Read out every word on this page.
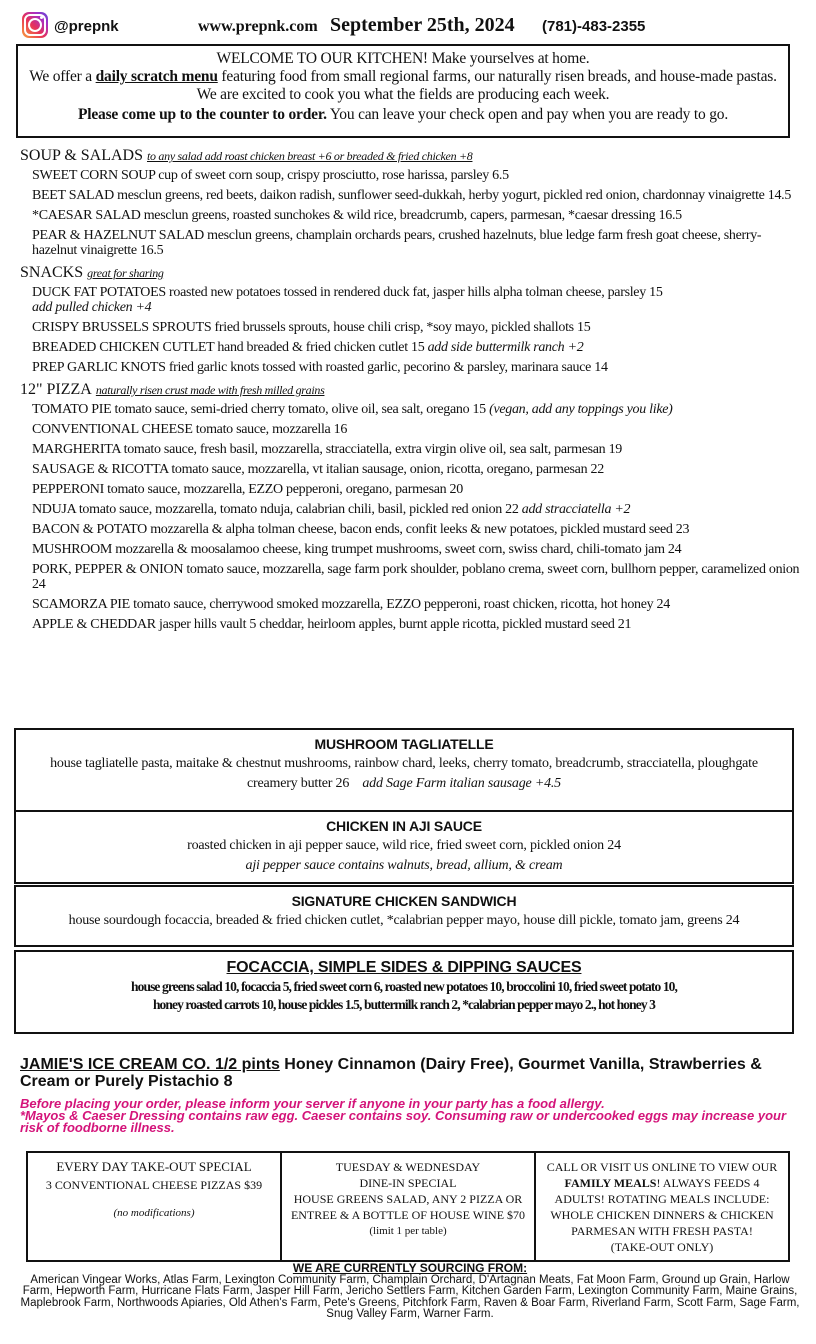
@prepnk	www.prepnk.com September 25th, 2024 (781)-483-2355
WELCOME TO OUR KITCHEN! Make yourselves at home.
We offer a daily scratch menu featuring food from small regional farms, our naturally risen breads, and house-made pastas. We are excited to cook you what the fields are producing each week.
Please come up to the counter to order. You can leave your check open and pay when you are ready to go.
SOUP & SALADS to any salad add roast chicken breast +6 or breaded & fried chicken +8
SWEET CORN SOUP cup of sweet corn soup, crispy prosciutto, rose harissa, parsley 6.5
BEET SALAD mesclun greens, red beets, daikon radish, sunflower seed-dukkah, herby yogurt, pickled red onion, chardonnay vinaigrette 14.5
*CAESAR SALAD mesclun greens, roasted sunchokes & wild rice, breadcrumb, capers, parmesan, *caesar dressing 16.5
PEAR & HAZELNUT SALAD mesclun greens, champlain orchards pears, crushed hazelnuts, blue ledge farm fresh goat cheese, sherry-hazelnut vinaigrette 16.5
SNACKS great for sharing
DUCK FAT POTATOES roasted new potatoes tossed in rendered duck fat, jasper hills alpha tolman cheese, parsley 15
add pulled chicken +4
CRISPY BRUSSELS SPROUTS fried brussels sprouts, house chili crisp, *soy mayo, pickled shallots 15
BREADED CHICKEN CUTLET hand breaded & fried chicken cutlet 15 add side buttermilk ranch +2
PREP GARLIC KNOTS fried garlic knots tossed with roasted garlic, pecorino & parsley, marinara sauce 14
12" PIZZA naturally risen crust made with fresh milled grains
TOMATO PIE tomato sauce, semi-dried cherry tomato, olive oil, sea salt, oregano 15 (vegan, add any toppings you like)
CONVENTIONAL CHEESE tomato sauce, mozzarella 16
MARGHERITA tomato sauce, fresh basil, mozzarella, stracciatella, extra virgin olive oil, sea salt, parmesan 19
SAUSAGE & RICOTTA tomato sauce, mozzarella, vt italian sausage, onion, ricotta, oregano, parmesan 22
PEPPERONI tomato sauce, mozzarella, EZZO pepperoni, oregano, parmesan 20
NDUJA tomato sauce, mozzarella, tomato nduja, calabrian chili, basil, pickled red onion 22 add stracciatella +2
BACON & POTATO mozzarella & alpha tolman cheese, bacon ends, confit leeks & new potatoes, pickled mustard seed 23
MUSHROOM mozzarella & moosalamoo cheese, king trumpet mushrooms, sweet corn, swiss chard, chili-tomato jam 24
PORK, PEPPER & ONION tomato sauce, mozzarella, sage farm pork shoulder, poblano crema, sweet corn, bullhorn pepper, caramelized onion 24
SCAMORZA PIE tomato sauce, cherrywood smoked mozzarella, EZZO pepperoni, roast chicken, ricotta, hot honey 24
APPLE & CHEDDAR jasper hills vault 5 cheddar, heirloom apples, burnt apple ricotta, pickled mustard seed 21
MUSHROOM TAGLIATELLE
house tagliatelle pasta, maitake & chestnut mushrooms, rainbow chard, leeks, cherry tomato, breadcrumb, stracciatella, ploughgate creamery butter 26 add Sage Farm italian sausage +4.5
CHICKEN IN AJI SAUCE
roasted chicken in aji pepper sauce, wild rice, fried sweet corn, pickled onion 24
aji pepper sauce contains walnuts, bread, allium, & cream
SIGNATURE CHICKEN SANDWICH
house sourdough focaccia, breaded & fried chicken cutlet, *calabrian pepper mayo, house dill pickle, tomato jam, greens 24
FOCACCIA, SIMPLE SIDES & DIPPING SAUCES
house greens salad 10, focaccia 5, fried sweet corn 6, roasted new potatoes 10, broccolini 10, fried sweet potato 10,
honey roasted carrots 10, house pickles 1.5, buttermilk ranch 2, *calabrian pepper mayo 2., hot honey 3
JAMIE'S ICE CREAM CO. 1/2 pints Honey Cinnamon (Dairy Free), Gourmet Vanilla, Strawberries & Cream or Purely Pistachio 8
Before placing your order, please inform your server if anyone in your party has a food allergy.
*Mayos & Caeser Dressing contains raw egg. Caeser contains soy. Consuming raw or undercooked eggs may increase your risk of foodborne illness.
EVERY DAY TAKE-OUT SPECIAL
3 CONVENTIONAL CHEESE PIZZAS $39
(no modifications)
TUESDAY & WEDNESDAY
DINE-IN SPECIAL
HOUSE GREENS SALAD, ANY 2 PIZZA OR ENTREE & A BOTTLE OF HOUSE WINE $70
(limit 1 per table)
CALL OR VISIT US ONLINE TO VIEW OUR FAMILY MEALS! ALWAYS FEEDS 4 ADULTS! ROTATING MEALS INCLUDE: WHOLE CHICKEN DINNERS & CHICKEN PARMESAN WITH FRESH PASTA!
(TAKE-OUT ONLY)
WE ARE CURRENTLY SOURCING FROM:
American Vingear Works, Atlas Farm, Lexington Community Farm, Champlain Orchard, D'Artagnan Meats, Fat Moon Farm, Ground up Grain, Harlow Farm, Hepworth Farm, Hurricane Flats Farm, Jasper Hill Farm, Jericho Settlers Farm, Kitchen Garden Farm, Lexington Community Farm, Maine Grains, Maplebrook Farm, Northwoods Apiaries, Old Athen's Farm, Pete's Greens, Pitchfork Farm, Raven & Boar Farm, Riverland Farm, Scott Farm, Sage Farm, Snug Valley Farm, Warner Farm.
